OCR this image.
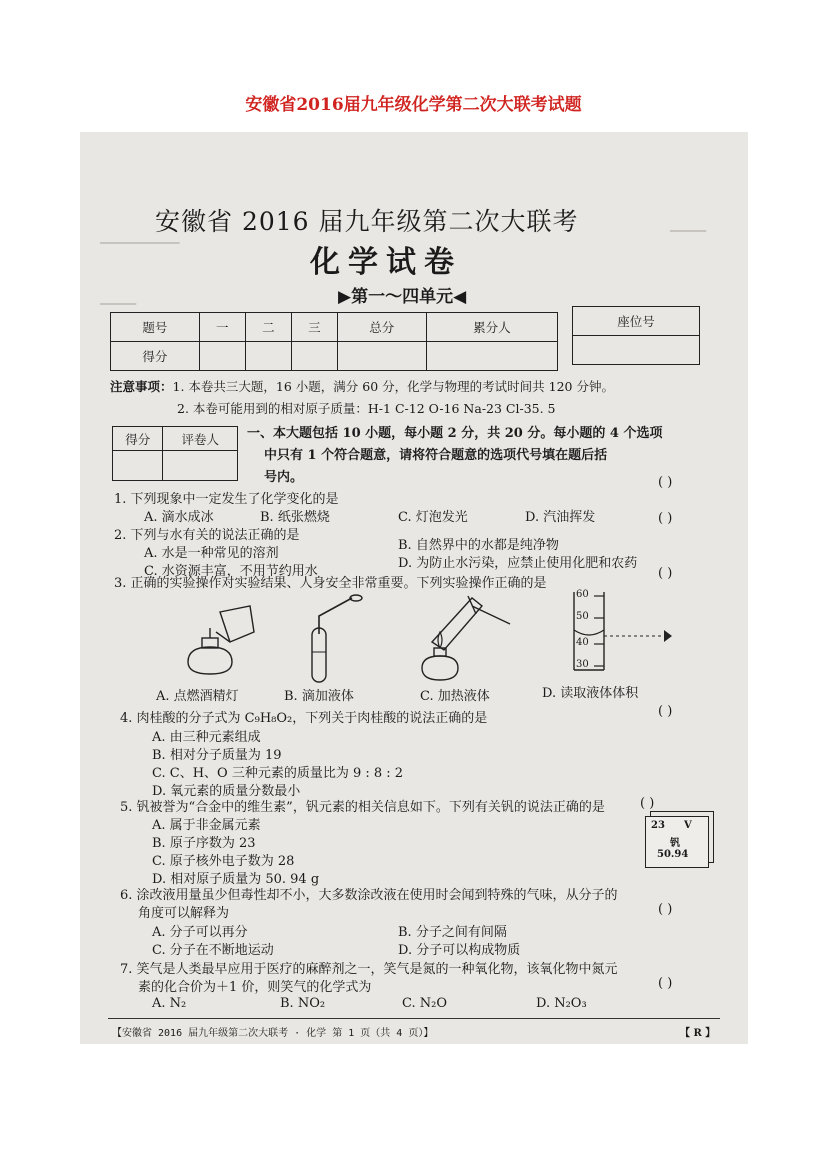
安徽省2016届九年级化学第二次大联考试题
━━━━━
━━━━━━━━━━━
━━━━━
安徽省 2016 届九年级第二次大联考
化学试卷
▶第一～四单元◀
题号	一	二	三	总分	累分人
得分					
座位号

注意事项：1. 本卷共三大题，16 小题，满分 60 分，化学与物理的考试时间共 120 分钟。
2. 本卷可能用到的相对原子质量：H-1 C-12 O-16 Na-23 Cl-35. 5
得分	评卷人
	一、本大题包括 10 小题，每小题 2 分，共 20 分。每小题的 4 个选项
中只有 1 个符合题意，请将符合题意的选项代号填在题后括
号内。
1. 下列现象中一定发生了化学变化的是
( )
A. 滴水成冰	B. 纸张燃烧	C. 灯泡发光	D. 汽油挥发
2. 下列与水有关的说法正确的是
( )
A. 水是一种常见的溶剂
B. 自然界中的水都是纯净物
C. 水资源丰富，不用节约用水
D. 为防止水污染，应禁止使用化肥和农药
3. 正确的实验操作对实验结果、人身安全非常重要。下列实验操作正确的是
( )
60
50
40
30
A. 点燃酒精灯	B. 滴加液体	C. 加热液体	D. 读取液体体积
4. 肉桂酸的分子式为 C₉H₈O₂，下列关于肉桂酸的说法正确的是	( )
A. 由三种元素组成
B. 相对分子质量为 19
C. C、H、O 三种元素的质量比为 9 : 8 : 2
D. 氧元素的质量分数最小
5. 钒被誉为“合金中的维生素”，钒元素的相关信息如下。下列有关钒的说法正确的是	( )
A. 属于非金属元素
B. 原子序数为 23
C. 原子核外电子数为 28
D. 相对原子质量为 50. 94 g
23 V
钒
50.94
6. 涂改液用量虽少但毒性却不小，大多数涂改液在使用时会闻到特殊的气味，从分子的
角度可以解释为	( )
A. 分子可以再分	B. 分子之间有间隔
C. 分子在不断地运动	D. 分子可以构成物质
7. 笑气是人类最早应用于医疗的麻醉剂之一，笑气是氮的一种氧化物，该氧化物中氮元
素的化合价为＋1 价，则笑气的化学式为	( )
A. N₂	B. NO₂	C. N₂O	D. N₂O₃
【安徽省 2016 届九年级第二次大联考 · 化学 第 1 页（共 4 页）】	【 R 】
